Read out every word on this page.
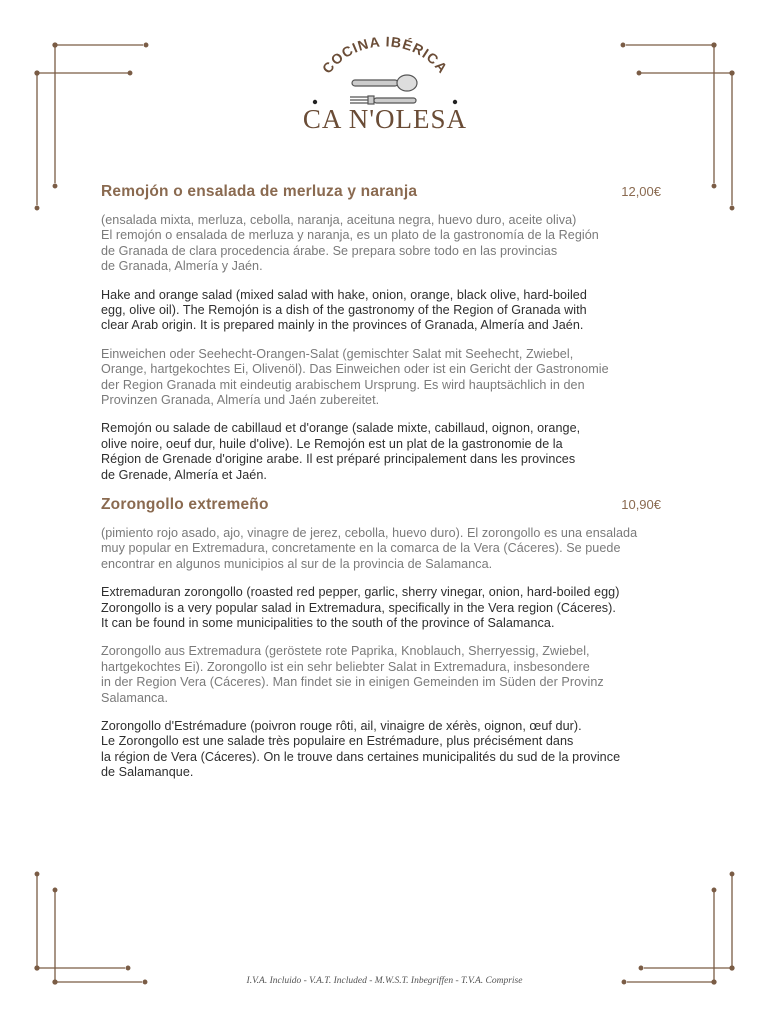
COCINA IBÉRICA
CA N'OLESA
Remojón o ensalada de merluza y naranja	12,00€
(ensalada mixta, merluza, cebolla, naranja, aceituna negra, huevo duro, aceite oliva)
El remojón o ensalada de merluza y naranja, es un plato de la gastronomía de la Región
de Granada de clara procedencia árabe. Se prepara sobre todo en las provincias
de Granada, Almería y Jaén.
Hake and orange salad (mixed salad with hake, onion, orange, black olive, hard-boiled
egg, olive oil). The Remojón is a dish of the gastronomy of the Region of Granada with
clear Arab origin. It is prepared mainly in the provinces of Granada, Almería and Jaén.
Einweichen oder Seehecht-Orangen-Salat (gemischter Salat mit Seehecht, Zwiebel,
Orange, hartgekochtes Ei, Olivenöl). Das Einweichen oder ist ein Gericht der Gastronomie
der Region Granada mit eindeutig arabischem Ursprung. Es wird hauptsächlich in den
Provinzen Granada, Almería und Jaén zubereitet.
Remojón ou salade de cabillaud et d'orange (salade mixte, cabillaud, oignon, orange,
olive noire, oeuf dur, huile d'olive). Le Remojón est un plat de la gastronomie de la
Région de Grenade d'origine arabe. Il est préparé principalement dans les provinces
de Grenade, Almería et Jaén.
Zorongollo extremeño	10,90€
(pimiento rojo asado, ajo, vinagre de jerez, cebolla, huevo duro). El zorongollo es una ensalada
muy popular en Extremadura, concretamente en la comarca de la Vera (Cáceres). Se puede
encontrar en algunos municipios al sur de la provincia de Salamanca.
Extremaduran zorongollo (roasted red pepper, garlic, sherry vinegar, onion, hard-boiled egg)
Zorongollo is a very popular salad in Extremadura, specifically in the Vera region (Cáceres).
It can be found in some municipalities to the south of the province of Salamanca.
Zorongollo aus Extremadura (geröstete rote Paprika, Knoblauch, Sherryessig, Zwiebel,
hartgekochtes Ei). Zorongollo ist ein sehr beliebter Salat in Extremadura, insbesondere
in der Region Vera (Cáceres). Man findet sie in einigen Gemeinden im Süden der Provinz
Salamanca.
Zorongollo d'Estrémadure (poivron rouge rôti, ail, vinaigre de xérès, oignon, œuf dur).
Le Zorongollo est une salade très populaire en Estrémadure, plus précisément dans
la région de Vera (Cáceres). On le trouve dans certaines municipalités du sud de la province
de Salamanque.
I.V.A. Incluido - V.A.T. Included - M.W.S.T. Inbegriffen - T.V.A. Comprise
